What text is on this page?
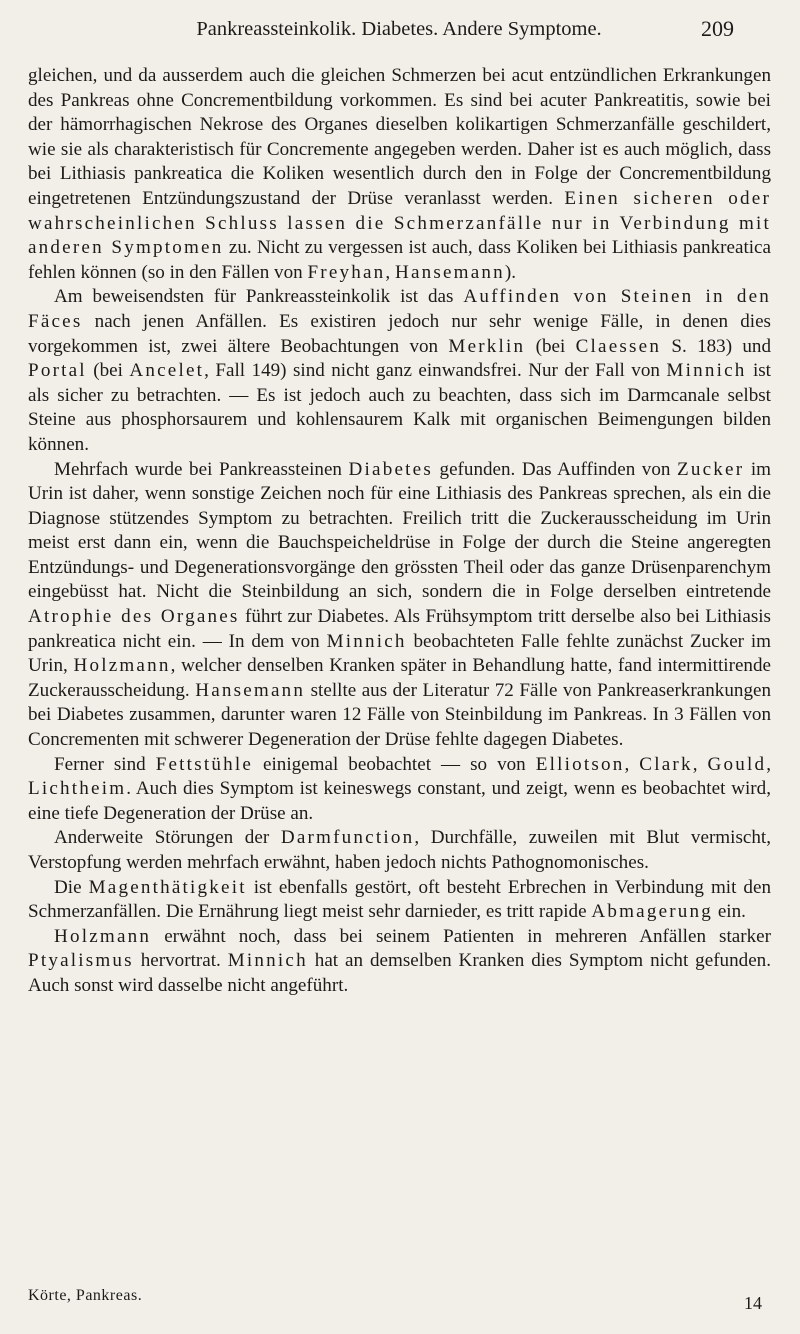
Pankreassteinkolik. Diabetes. Andere Symptome.	209

gleichen, und da ausserdem auch die gleichen Schmerzen bei acut entzündlichen Erkrankungen des Pankreas ohne Concrementbildung vorkommen. Es sind bei acuter Pankreatitis, sowie bei der hämorrhagischen Nekrose des Organes dieselben kolikartigen Schmerzanfälle geschildert, wie sie als charakteristisch für Concremente angegeben werden. Daher ist es auch möglich, dass bei Lithiasis pankreatica die Koliken wesentlich durch den in Folge der Concrementbildung eingetretenen Entzündungszustand der Drüse veranlasst werden. Einen sicheren oder wahrscheinlichen Schluss lassen die Schmerzanfälle nur in Verbindung mit anderen Symptomen zu. Nicht zu vergessen ist auch, dass Koliken bei Lithiasis pankreatica fehlen können (so in den Fällen von Freyhan, Hansemann).

Am beweisendsten für Pankreassteinkolik ist das Auffinden von Steinen in den Fäces nach jenen Anfällen. Es existiren jedoch nur sehr wenige Fälle, in denen dies vorgekommen ist, zwei ältere Beobachtungen von Merklin (bei Claessen S. 183) und Portal (bei Ancelet, Fall 149) sind nicht ganz einwandsfrei. Nur der Fall von Minnich ist als sicher zu betrachten. — Es ist jedoch auch zu beachten, dass sich im Darmcanale selbst Steine aus phosphorsaurem und kohlensaurem Kalk mit organischen Beimengungen bilden können.

Mehrfach wurde bei Pankreassteinen Diabetes gefunden. Das Auffinden von Zucker im Urin ist daher, wenn sonstige Zeichen noch für eine Lithiasis des Pankreas sprechen, als ein die Diagnose stützendes Symptom zu betrachten. Freilich tritt die Zuckerausscheidung im Urin meist erst dann ein, wenn die Bauchspeicheldrüse in Folge der durch die Steine angeregten Entzündungs- und Degenerationsvorgänge den grössten Theil oder das ganze Drüsenparenchym eingebüsst hat. Nicht die Steinbildung an sich, sondern die in Folge derselben eintretende Atrophie des Organes führt zur Diabetes. Als Frühsymptom tritt derselbe also bei Lithiasis pankreatica nicht ein. — In dem von Minnich beobachteten Falle fehlte zunächst Zucker im Urin, Holzmann, welcher denselben Kranken später in Behandlung hatte, fand intermittirende Zuckerausscheidung. Hansemann stellte aus der Literatur 72 Fälle von Pankreaserkrankungen bei Diabetes zusammen, darunter waren 12 Fälle von Steinbildung im Pankreas. In 3 Fällen von Concrementen mit schwerer Degeneration der Drüse fehlte dagegen Diabetes.

Ferner sind Fettstühle einigemal beobachtet — so von Elliotson, Clark, Gould, Lichtheim. Auch dies Symptom ist keineswegs constant, und zeigt, wenn es beobachtet wird, eine tiefe Degeneration der Drüse an.

Anderweite Störungen der Darmfunction, Durchfälle, zuweilen mit Blut vermischt, Verstopfung werden mehrfach erwähnt, haben jedoch nichts Pathognomonisches.

Die Magenthätigkeit ist ebenfalls gestört, oft besteht Erbrechen in Verbindung mit den Schmerzanfällen. Die Ernährung liegt meist sehr darnieder, es tritt rapide Abmagerung ein.

Holzmann erwähnt noch, dass bei seinem Patienten in mehreren Anfällen starker Ptyalismus hervortrat. Minnich hat an demselben Kranken dies Symptom nicht gefunden. Auch sonst wird dasselbe nicht angeführt.

Körte, Pankreas.	14
